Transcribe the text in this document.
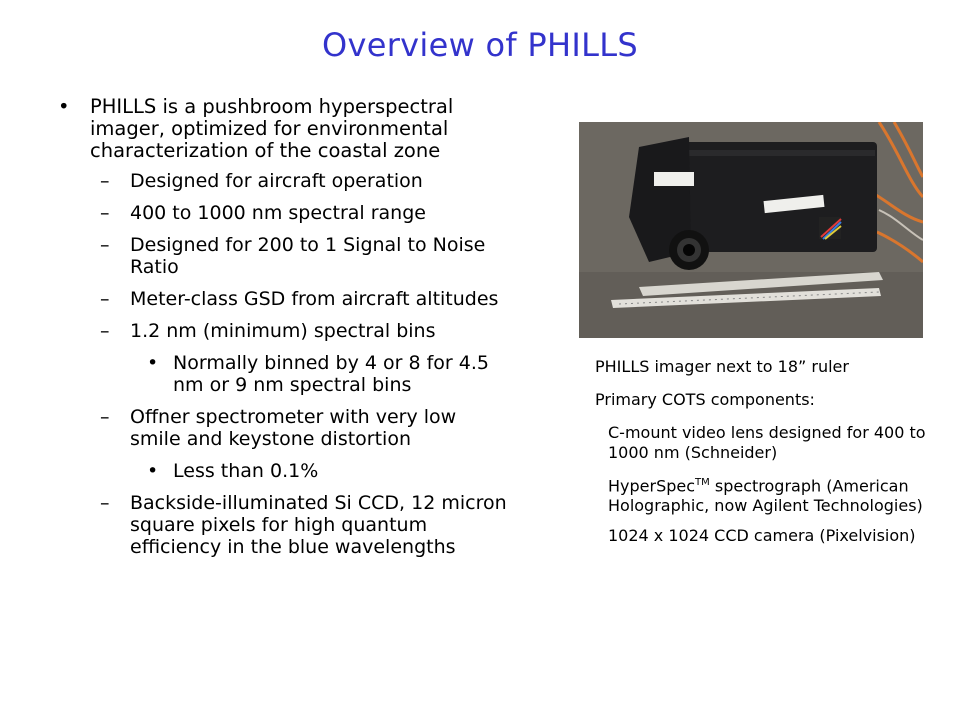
Overview of PHILLS
• PHILLS is a pushbroom hyperspectral imager, optimized for environmental characterization of the coastal zone
– Designed for aircraft operation
– 400 to 1000 nm spectral range
– Designed for 200 to 1 Signal to Noise Ratio
– Meter-class GSD from aircraft altitudes
– 1.2 nm (minimum) spectral bins
• Normally binned by 4 or 8 for 4.5 nm or 9 nm spectral bins
– Offner spectrometer with very low smile and keystone distortion
• Less than 0.1%
– Backside-illuminated Si CCD, 12 micron square pixels for high quantum efficiency in the blue wavelengths
PHILLS imager next to 18” ruler
Primary COTS components:
C-mount video lens designed for 400 to 1000 nm (Schneider)
HyperSpec™ spectrograph (American Holographic, now Agilent Technologies)
1024 x 1024 CCD camera (Pixelvision)
